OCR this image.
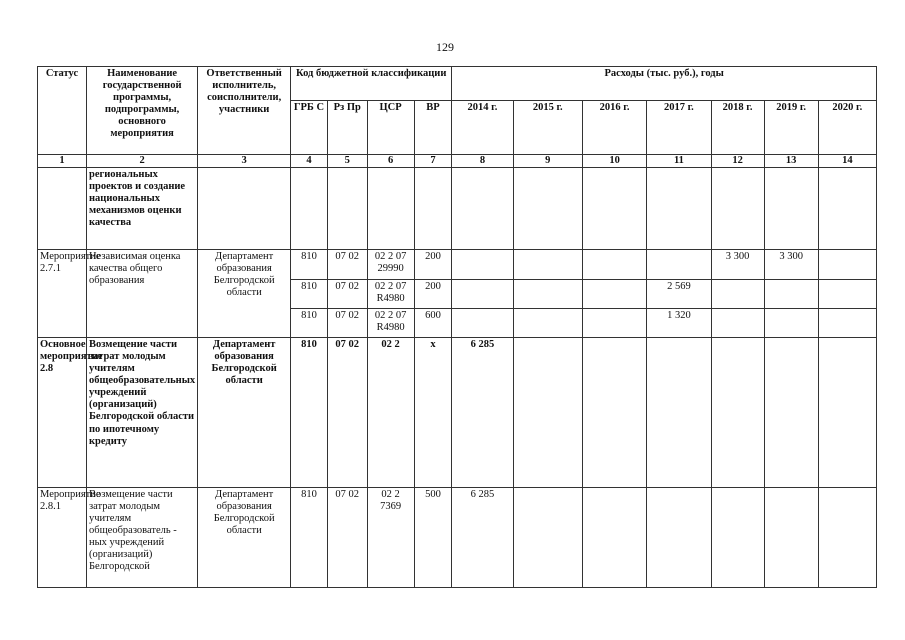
129
Статус	Наименование государственной программы, подпрограммы, основного мероприятия	Ответственный исполнитель, соисполнители, участники	Код бюджетной классификации				Расходы (тыс. руб.), годы						
			ГРБ С	Рз Пр	ЦСР	ВР	2014 г.	2015 г.	2016 г.	2017 г.	2018 г.	2019 г.	2020 г.
1	2	3	4	5	6	7	8	9	10	11	12	13	14
	региональных проектов и создание национальных механизмов оценки качества												
Мероприятие 2.7.1	Независимая оценка качества общего образования	Департамент образования Белгородской области	810	07 02	02 2 07 29990	200					3 300	3 300	
			810	07 02	02 2 07 R4980	200				2 569			
			810	07 02	02 2 07 R4980	600				1 320			
Основное мероприятие 2.8	Возмещение части затрат молодым учителям общеобразовательных учреждений (организаций) Белгородской области по ипотечному кредиту	Департамент образования Белгородской области	810	07 02	02 2	х	6 285						
Мероприятие 2.8.1	Возмещение части затрат молодым учителям общеобразователь - ных учреждений (организаций) Белгородской	Департамент образования Белгородской области	810	07 02	02 2 7369	500	6 285						
